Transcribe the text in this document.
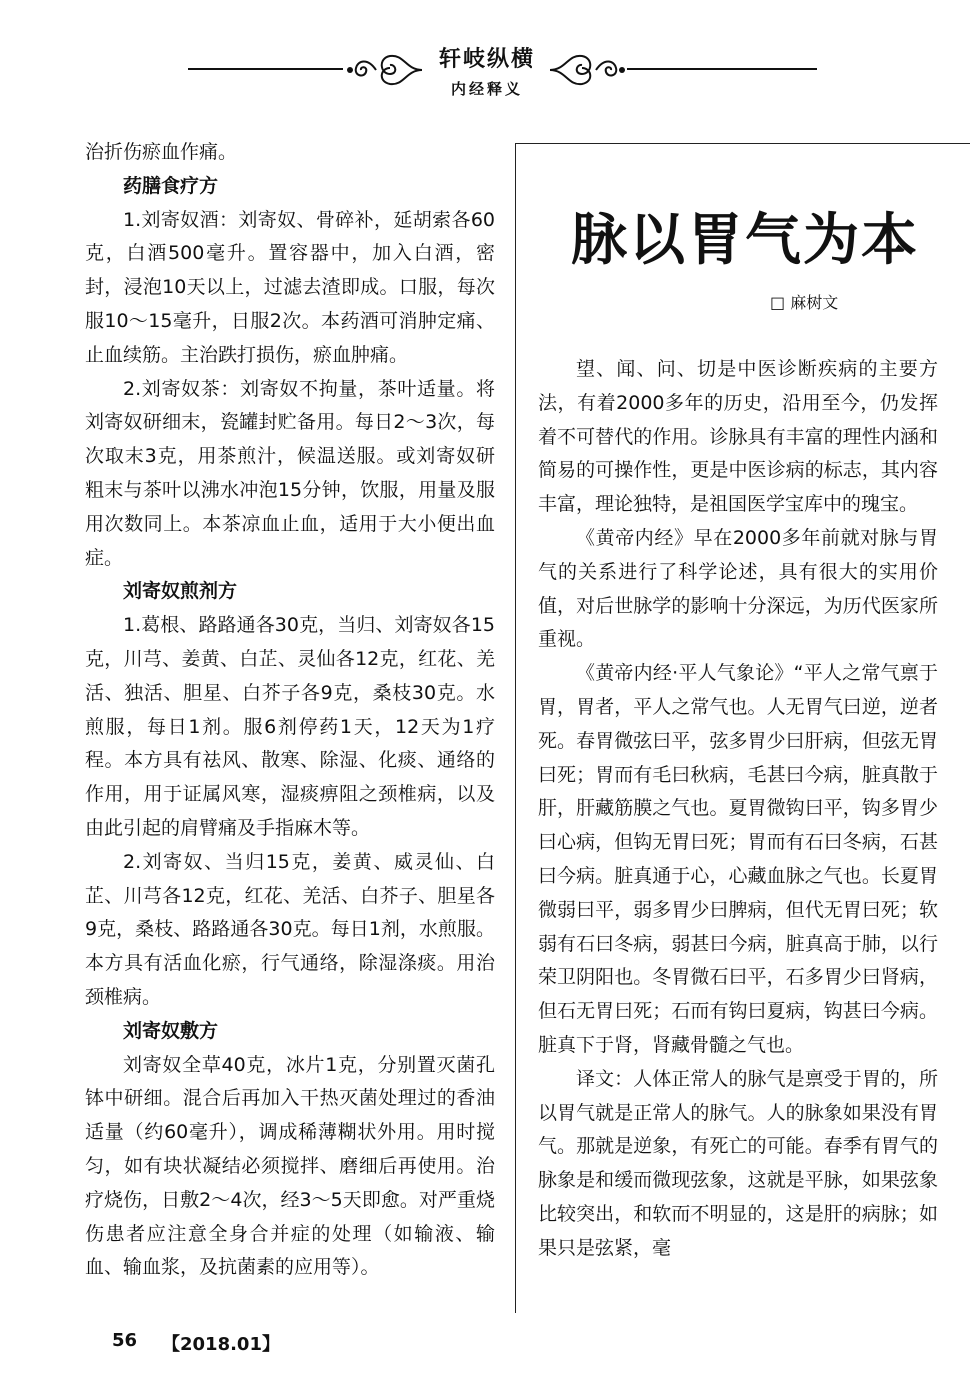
轩岐纵横
内经释义

治折伤瘀血作痛。

药膳食疗方

1.刘寄奴酒：刘寄奴、骨碎补，延胡索各60克，白酒500毫升。置容器中，加入白酒，密封，浸泡10天以上，过滤去渣即成。口服，每次服10～15毫升，日服2次。本药酒可消肿定痛、止血续筋。主治跌打损伤，瘀血肿痛。

2.刘寄奴茶：刘寄奴不拘量，茶叶适量。将刘寄奴研细末，瓷罐封贮备用。每日2～3次，每次取末3克，用茶煎汁，候温送服。或刘寄奴研粗末与茶叶以沸水冲泡15分钟，饮服，用量及服用次数同上。本茶凉血止血，适用于大小便出血症。

刘寄奴煎剂方

1.葛根、路路通各30克，当归、刘寄奴各15克，川芎、姜黄、白芷、灵仙各12克，红花、羌活、独活、胆星、白芥子各9克，桑枝30克。水煎服，每日1剂。服6剂停药1天，12天为1疗程。本方具有祛风、散寒、除湿、化痰、通络的作用，用于证属风寒，湿痰痹阻之颈椎病，以及由此引起的肩臂痛及手指麻木等。

2.刘寄奴、当归15克，姜黄、威灵仙、白芷、川芎各12克，红花、羌活、白芥子、胆星各9克，桑枝、路路通各30克。每日1剂，水煎服。本方具有活血化瘀，行气通络，除湿涤痰。用治颈椎病。

刘寄奴敷方

刘寄奴全草40克，冰片1克，分别置灭菌孔钵中研细。混合后再加入干热灭菌处理过的香油适量（约60毫升），调成稀薄糊状外用。用时搅匀，如有块状凝结必须搅拌、磨细后再使用。治疗烧伤，日敷2～4次，经3～5天即愈。对严重烧伤患者应注意全身合并症的处理（如输液、输血、输血浆，及抗菌素的应用等）。

脉以胃气为本
□ 麻树文

望、闻、问、切是中医诊断疾病的主要方法，有着2000多年的历史，沿用至今，仍发挥着不可替代的作用。诊脉具有丰富的理性内涵和简易的可操作性，更是中医诊病的标志，其内容丰富，理论独特，是祖国医学宝库中的瑰宝。

《黄帝内经》早在2000多年前就对脉与胃气的关系进行了科学论述，具有很大的实用价值，对后世脉学的影响十分深远，为历代医家所重视。

《黄帝内经·平人气象论》“平人之常气禀于胃，胃者，平人之常气也。人无胃气曰逆，逆者死。春胃微弦曰平，弦多胃少曰肝病，但弦无胃曰死；胃而有毛曰秋病，毛甚曰今病，脏真散于肝，肝藏筋膜之气也。夏胃微钩曰平，钩多胃少曰心病，但钩无胃曰死；胃而有石曰冬病，石甚曰今病。脏真通于心，心藏血脉之气也。长夏胃微弱曰平，弱多胃少曰脾病，但代无胃曰死；软弱有石曰冬病，弱甚曰今病，脏真高于肺，以行荣卫阴阳也。冬胃微石曰平，石多胃少曰肾病，但石无胃曰死；石而有钩曰夏病，钩甚曰今病。脏真下于肾，肾藏骨髓之气也。

译文：人体正常人的脉气是禀受于胃的，所以胃气就是正常人的脉气。人的脉象如果没有胃气。那就是逆象，有死亡的可能。春季有胃气的脉象是和缓而微现弦象，这就是平脉，如果弦象比较突出，和软而不明显的，这是肝的病脉；如果只是弦紧，毫

56 【2018.01】
